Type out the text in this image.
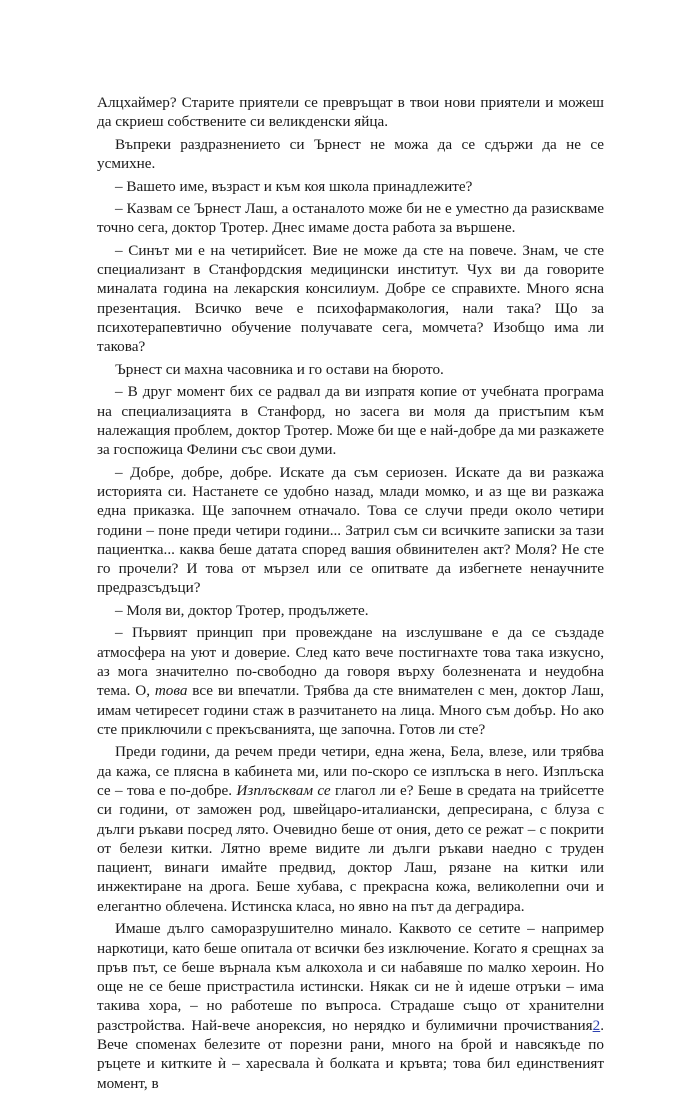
Алцхаймер? Старите приятели се превръщат в твои нови приятели и можеш да скриеш собствените си великденски яйца.

Въпреки раздразнението си Ърнест не можа да се сдържи да не се усмихне.

– Вашето име, възраст и към коя школа принадлежите?

– Казвам се Ърнест Лаш, а останалото може би не е уместно да разискваме точно сега, доктор Тротер. Днес имаме доста работа за вършене.

– Синът ми е на четирийсет. Вие не може да сте на повече. Знам, че сте специализант в Станфордския медицински институт. Чух ви да говорите миналата година на лекарския консилиум. Добре се справихте. Много ясна презентация. Всичко вече е психофармакология, нали така? Що за психотерапевтично обучение получавате сега, момчета? Изобщо има ли такова?

Ърнест си махна часовника и го остави на бюрото.

– В друг момент бих се радвал да ви изпратя копие от учебната програма на специализацията в Станфорд, но засега ви моля да пристъпим към належащия проблем, доктор Тротер. Може би ще е най-добре да ми разкажете за госпожица Фелини със свои думи.

– Добре, добре, добре. Искате да съм сериозен. Искате да ви разкажа историята си. Настанете се удобно назад, млади момко, и аз ще ви разкажа една приказка. Ще започнем отначало. Това се случи преди около четири години – поне преди четири години... Затрил съм си всичките записки за тази пациентка... каква беше датата според вашия обвинителен акт? Моля? Не сте го прочели? И това от мързел или се опитвате да избегнете ненаучните предразсъдъци?

– Моля ви, доктор Тротер, продължете.

– Първият принцип при провеждане на изслушване е да се създаде атмосфера на уют и доверие. След като вече постигнахте това така изкусно, аз мога значително по-свободно да говоря върху болезнената и неудобна тема. О, това все ви впечатли. Трябва да сте внимателен с мен, доктор Лаш, имам четиресет години стаж в разчитането на лица. Много съм добър. Но ако сте приключили с прекъсванията, ще започна. Готов ли сте?

Преди години, да речем преди четири, една жена, Бела, влезе, или трябва да кажа, се плясна в кабинета ми, или по-скоро се изплъска в него. Изплъска се – това е по-добре. Изплъсквам се глагол ли е? Беше в средата на трийсетте си години, от заможен род, швейцаро-италиански, депресирана, с блуза с дълги ръкави посред лято. Очевидно беше от ония, дето се режат – с покрити от белези китки. Лятно време видите ли дълги ръкави наедно с труден пациент, винаги имайте предвид, доктор Лаш, рязане на китки или инжектиране на дрога. Беше хубава, с прекрасна кожа, великолепни очи и елегантно облечена. Истинска класа, но явно на път да деградира.

Имаше дълго саморазрушително минало. Каквото се сетите – например наркотици, като беше опитала от всички без изключение. Когато я срещнах за пръв път, се беше върнала към алкохола и си набавяше по малко хероин. Но още не се беше пристрастила истински. Някак си не ѝ идеше отръки – има такива хора, – но работеше по въпроса. Страдаше също от хранителни разстройства. Най-вече анорексия, но нерядко и булимични прочиствания2. Вече споменах белезите от порезни рани, много на брой и навсякъде по ръцете и китките ѝ – харесвала ѝ болката и кръвта; това бил единственият момент, в
